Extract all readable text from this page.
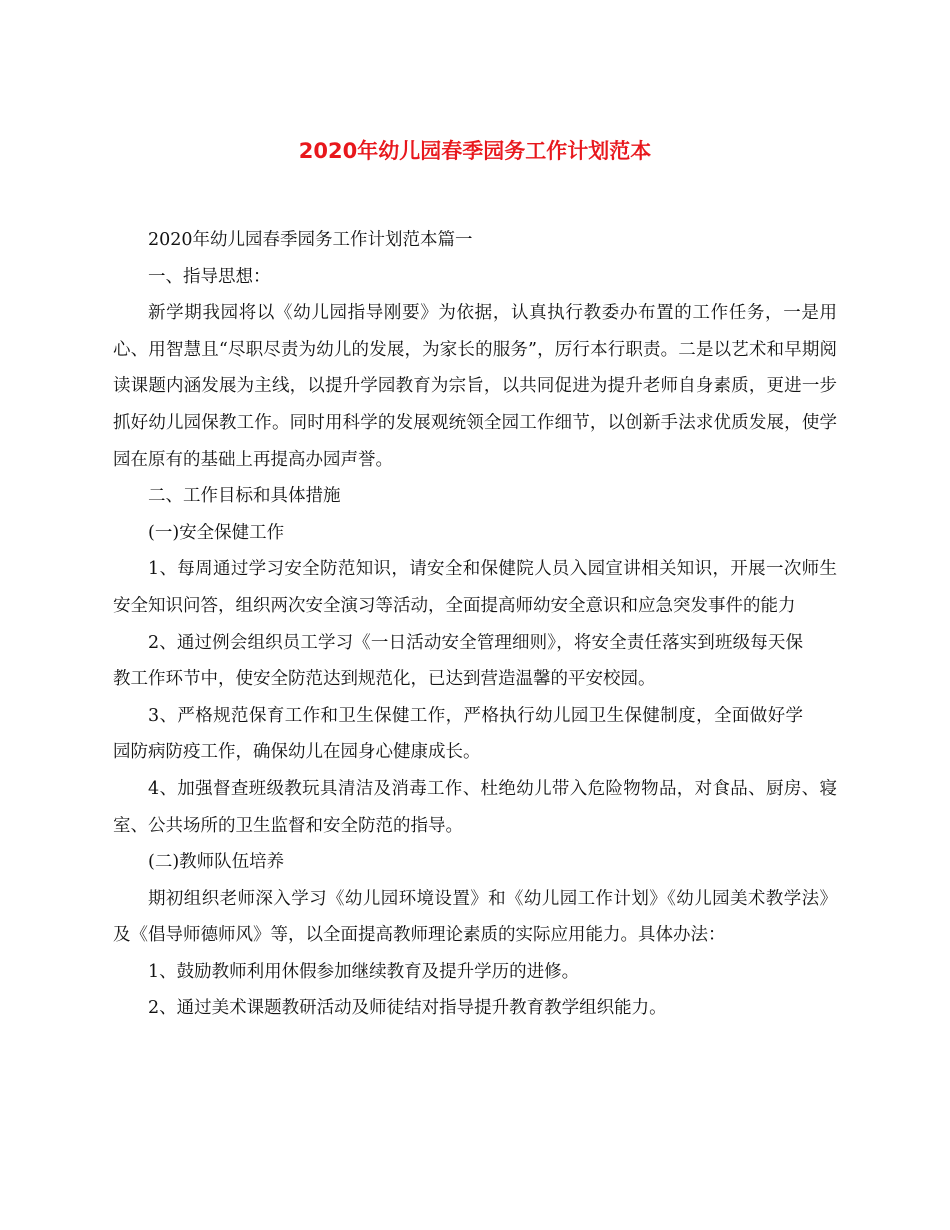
2020年幼儿园春季园务工作计划范本

2020年幼儿园春季园务工作计划范本篇一

一、指导思想：

新学期我园将以《幼儿园指导刚要》为依据，认真执行教委办布置的工作任务，一是用心、用智慧且“尽职尽责为幼儿的发展，为家长的服务”，厉行本行职责。二是以艺术和早期阅读课题内涵发展为主线，以提升学园教育为宗旨，以共同促进为提升老师自身素质，更进一步抓好幼儿园保教工作。同时用科学的发展观统领全园工作细节，以创新手法求优质发展，使学园在原有的基础上再提高办园声誉。

二、工作目标和具体措施

(一)安全保健工作

1、每周通过学习安全防范知识，请安全和保健院人员入园宣讲相关知识，开展一次师生安全知识问答，组织两次安全演习等活动，全面提高师幼安全意识和应急突发事件的能力

2、通过例会组织员工学习《一日活动安全管理细则》，将安全责任落实到班级每天保教工作环节中，使安全防范达到规范化，已达到营造温馨的平安校园。

3、严格规范保育工作和卫生保健工作，严格执行幼儿园卫生保健制度，全面做好学园防病防疫工作，确保幼儿在园身心健康成长。

4、加强督查班级教玩具清洁及消毒工作、杜绝幼儿带入危险物物品，对食品、厨房、寝室、公共场所的卫生监督和安全防范的指导。

(二)教师队伍培养

期初组织老师深入学习《幼儿园环境设置》和《幼儿园工作计划》《幼儿园美术教学法》及《倡导师德师风》等，以全面提高教师理论素质的实际应用能力。具体办法：

1、鼓励教师利用休假参加继续教育及提升学历的进修。

2、通过美术课题教研活动及师徒结对指导提升教育教学组织能力。
